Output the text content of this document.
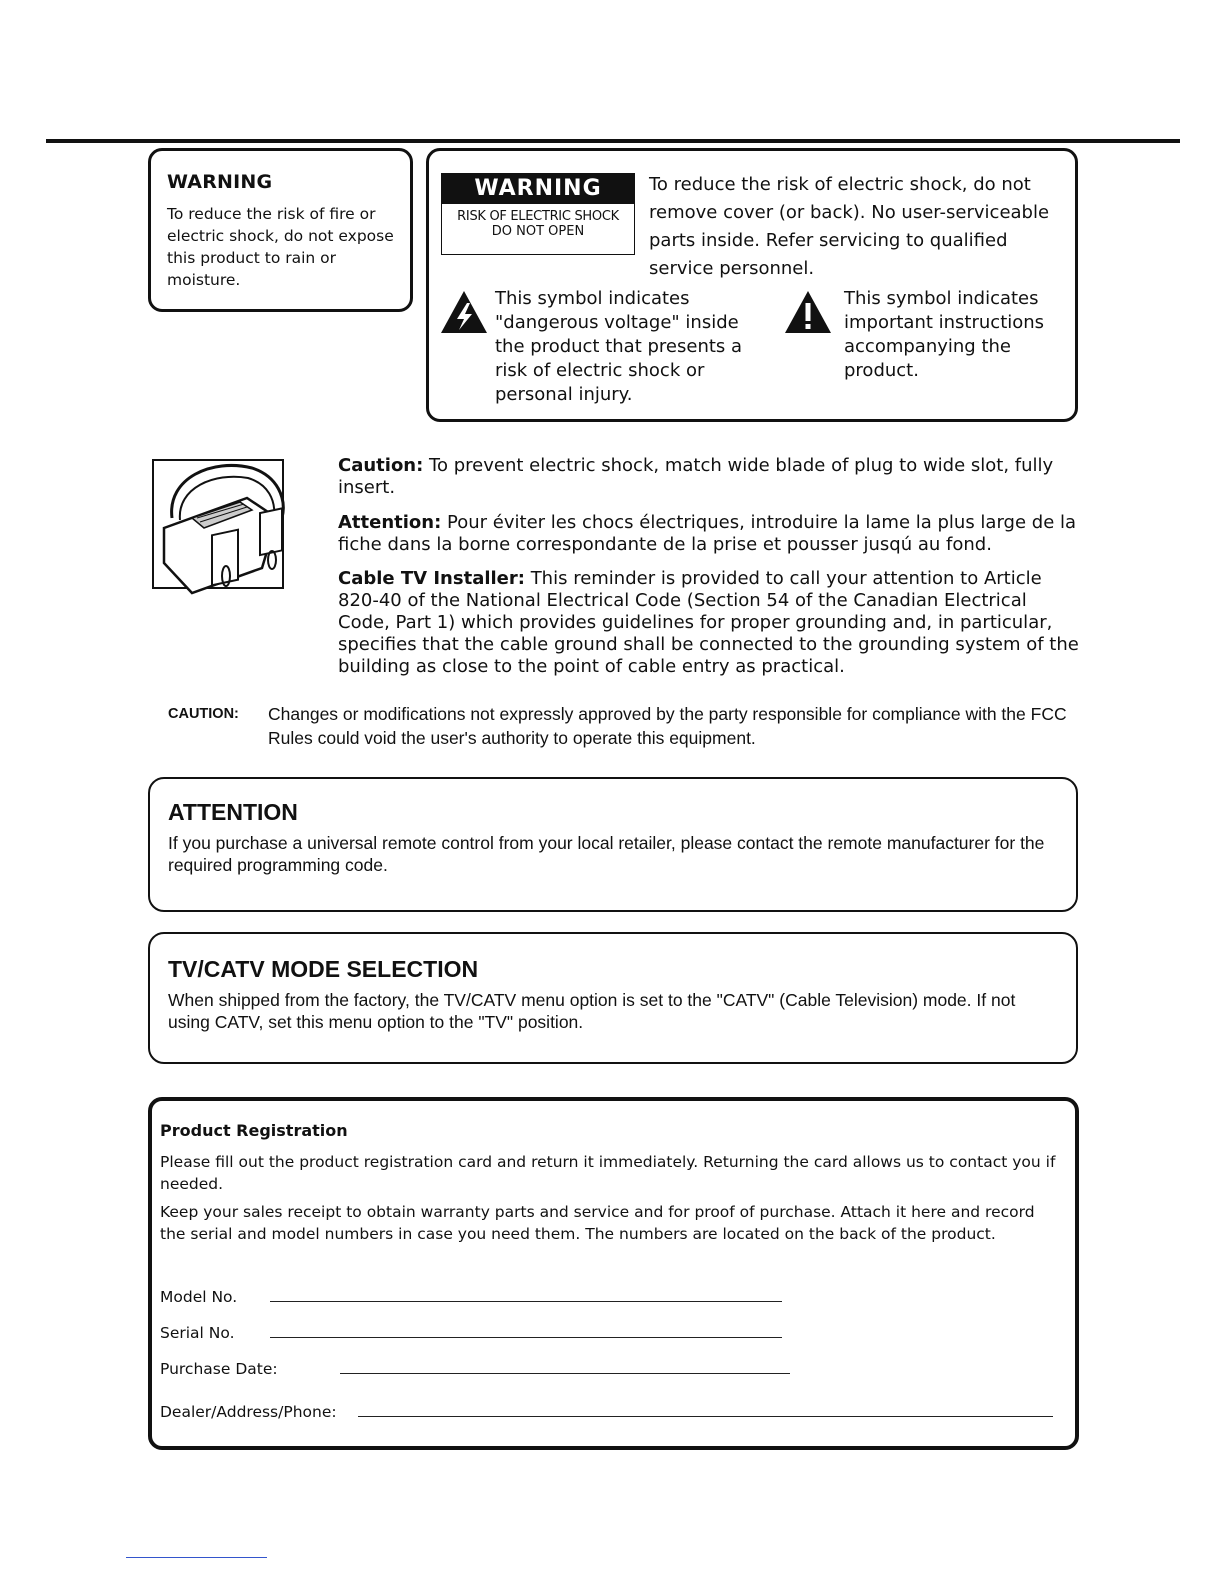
WARNING
To reduce the risk of fire or electric shock, do not expose this product to rain or moisture.
WARNING
RISK OF ELECTRIC SHOCK
DO NOT OPEN
To reduce the risk of electric shock, do not remove cover (or back). No user-serviceable parts inside. Refer servicing to qualified service personnel.
This symbol indicates "dangerous voltage" inside the product that presents a risk of electric shock or personal injury.
This symbol indicates important instructions accompanying the product.
Caution: To prevent electric shock, match wide blade of plug to wide slot, fully insert.
Attention: Pour éviter les chocs électriques, introduire la lame la plus large de la fiche dans la borne correspondante de la prise et pousser jusqú au fond.
Cable TV Installer: This reminder is provided to call your attention to Article 820-40 of the National Electrical Code (Section 54 of the Canadian Electrical Code, Part 1) which provides guidelines for proper grounding and, in particular, specifies that the cable ground shall be connected to the grounding system of the building as close to the point of cable entry as practical.
CAUTION: Changes or modifications not expressly approved by the party responsible for compliance with the FCC Rules could void the user's authority to operate this equipment.
ATTENTION
If you purchase a universal remote control from your local retailer, please contact the remote manufacturer for the required programming code.
TV/CATV MODE SELECTION
When shipped from the factory, the TV/CATV menu option is set to the "CATV" (Cable Television) mode. If not using CATV, set this menu option to the "TV" position.
Product Registration
Please fill out the product registration card and return it immediately. Returning the card allows us to contact you if needed.
Keep your sales receipt to obtain warranty parts and service and for proof of purchase. Attach it here and record the serial and model numbers in case you need them. The numbers are located on the back of the product.
Model No.
Serial No.
Purchase Date:
Dealer/Address/Phone:
